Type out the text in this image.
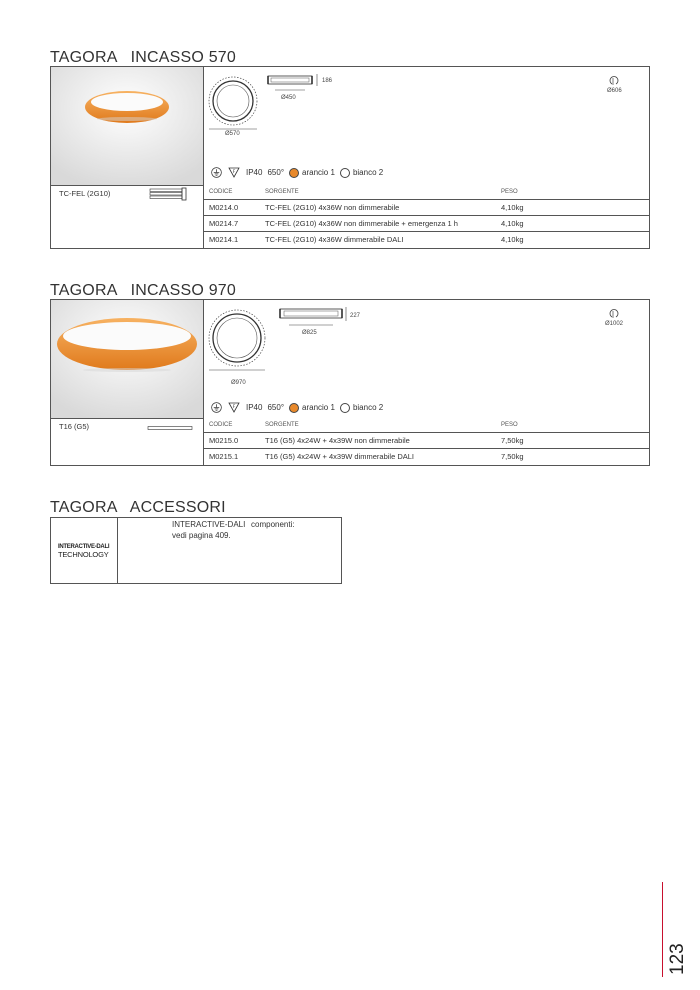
TAGORA   INCASSO 570
Ø570
186
Ø450
Ø606
F IP40 650° arancio 1 bianco 2
TC-FEL (2G10)	CODICE	SORGENTE	PESO
M0214.0	TC-FEL (2G10) 4x36W non dimmerabile	4,10kg
M0214.7	TC-FEL (2G10) 4x36W non dimmerabile + emergenza 1 h	4,10kg
M0214.1	TC-FEL (2G10) 4x36W dimmerabile DALI	4,10kg
TAGORA   INCASSO 970
Ø970
227
Ø825
Ø1002
F IP40 650° arancio 1 bianco 2
T16 (G5)	CODICE	SORGENTE	PESO
M0215.0	T16 (G5) 4x24W + 4x39W non dimmerabile	7,50kg
M0215.1	T16 (G5) 4x24W + 4x39W dimmerabile DALI	7,50kg
TAGORA   ACCESSORI
INTERACTIVE-DALI
TECHNOLOGY
INTERACTIVE-DALI componenti:
vedi pagina 409.
123
